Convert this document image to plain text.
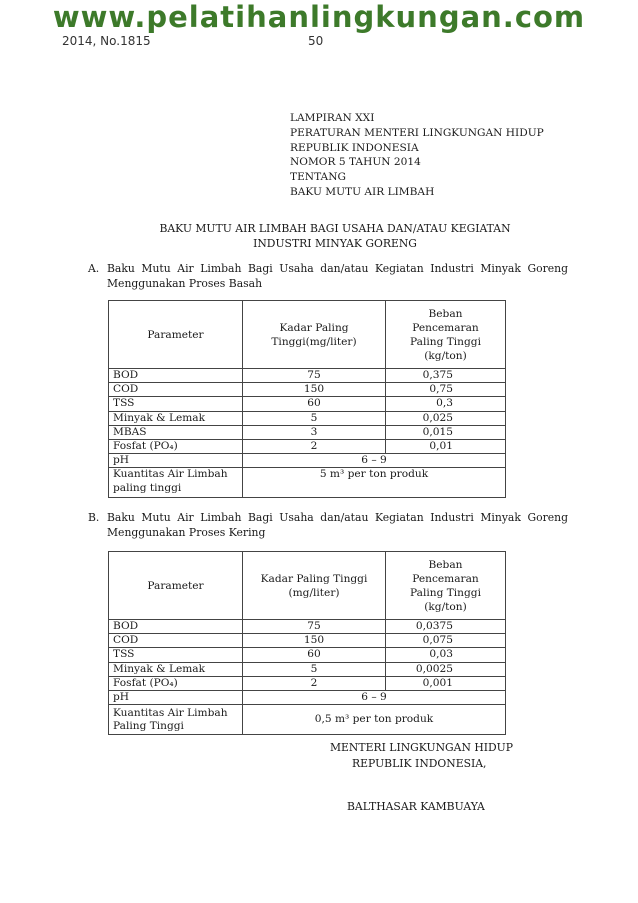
www.pelatihanlingkungan.com
2014, No.1815	50
LAMPIRAN XXI
PERATURAN MENTERI LINGKUNGAN HIDUP
REPUBLIK INDONESIA
NOMOR 5 TAHUN 2014
TENTANG
BAKU MUTU AIR LIMBAH
BAKU MUTU AIR LIMBAH BAGI USAHA DAN/ATAU KEGIATAN
INDUSTRI MINYAK GORENG
A. Baku Mutu Air Limbah Bagi Usaha dan/atau Kegiatan Industri Minyak Goreng Menggunakan Proses Basah
Parameter	Kadar Paling Tinggi(mg/liter)	Beban Pencemaran Paling Tinggi (kg/ton)
BOD	75	0,375
COD	150	0,75
TSS	60	0,3
Minyak & Lemak	5	0,025
MBAS	3	0,015
Fosfat (PO₄)	2	0,01
pH	6 – 9	
Kuantitas Air Limbah paling tinggi	5 m³ per ton produk	
B. Baku Mutu Air Limbah Bagi Usaha dan/atau Kegiatan Industri Minyak Goreng Menggunakan Proses Kering
Parameter	Kadar Paling Tinggi (mg/liter)	Beban Pencemaran Paling Tinggi (kg/ton)
BOD	75	0,0375
COD	150	0,075
TSS	60	0,03
Minyak & Lemak	5	0,0025
Fosfat (PO₄)	2	0,001
pH	6 – 9	
Kuantitas Air Limbah Paling Tinggi	0,5 m³ per ton produk	
MENTERI LINGKUNGAN HIDUP
REPUBLIK INDONESIA,
BALTHASAR KAMBUAYA
